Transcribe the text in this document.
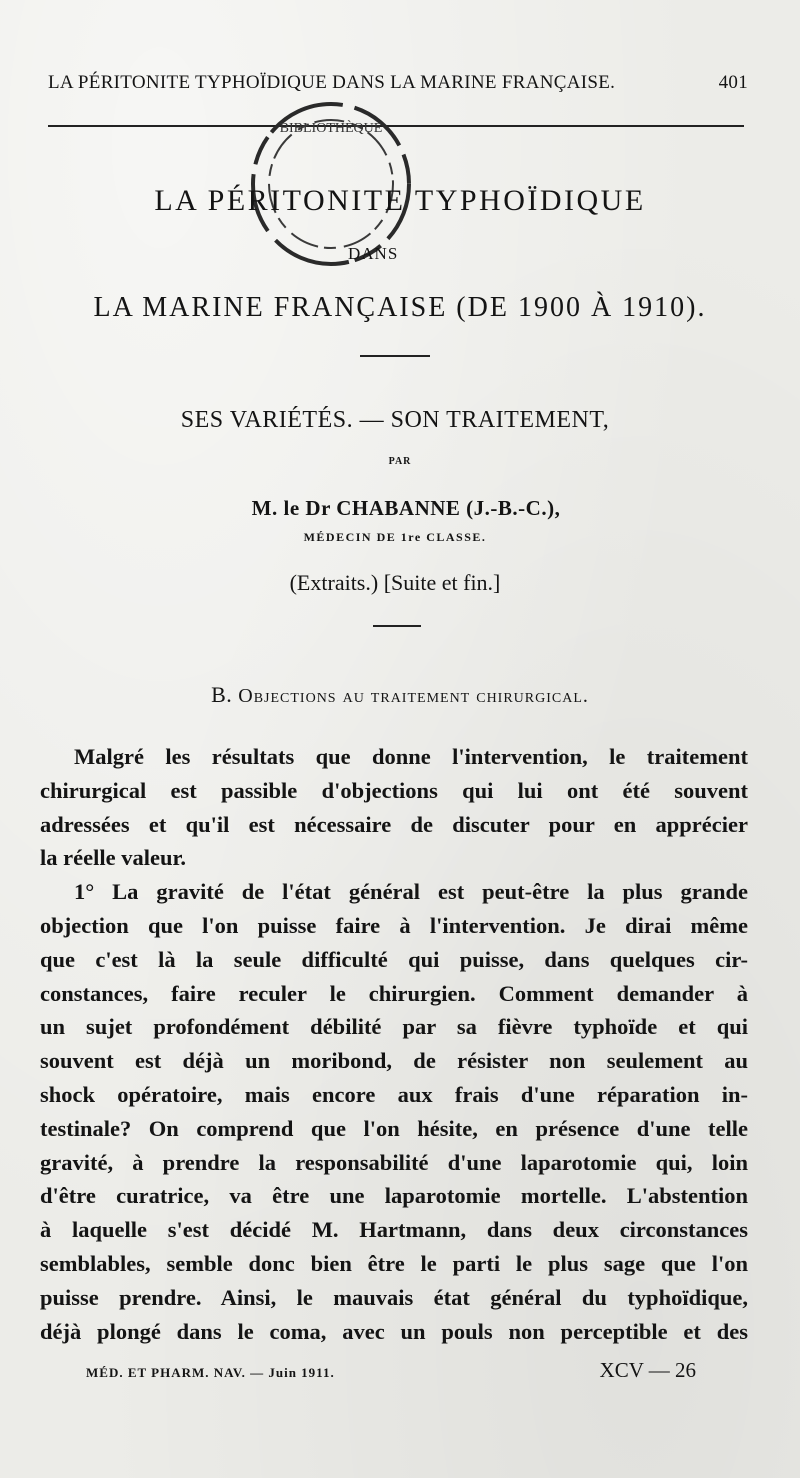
LA PÉRITONITE TYPHOÏDIQUE DANS LA MARINE FRANÇAISE.	401
BIBLIOTHÈQUE
LA PÉRITONITE TYPHOÏDIQUE
DANS
LA MARINE FRANÇAISE (DE 1900 À 1910).
SES VARIÉTÉS. — SON TRAITEMENT,
PAR
M. le Dr CHABANNE (J.-B.-C.),
MÉDECIN DE 1re CLASSE.
(Extraits.) [Suite et fin.]
B. Objections au traitement chirurgical.
Malgré les résultats que donne l'intervention, le traitement
chirurgical est passible d'objections qui lui ont été souvent
adressées et qu'il est nécessaire de discuter pour en apprécier
la réelle valeur.
1° La gravité de l'état général est peut-être la plus grande
objection que l'on puisse faire à l'intervention. Je dirai même
que c'est là la seule difficulté qui puisse, dans quelques cir-
constances, faire reculer le chirurgien. Comment demander à
un sujet profondément débilité par sa fièvre typhoïde et qui
souvent est déjà un moribond, de résister non seulement au
shock opératoire, mais encore aux frais d'une réparation in-
testinale? On comprend que l'on hésite, en présence d'une telle
gravité, à prendre la responsabilité d'une laparotomie qui, loin
d'être curatrice, va être une laparotomie mortelle. L'abstention
à laquelle s'est décidé M. Hartmann, dans deux circonstances
semblables, semble donc bien être le parti le plus sage que l'on
puisse prendre. Ainsi, le mauvais état général du typhoïdique,
déjà plongé dans le coma, avec un pouls non perceptible et des
MÉD. ET PHARM. NAV. — Juin 1911.	XCV — 26
